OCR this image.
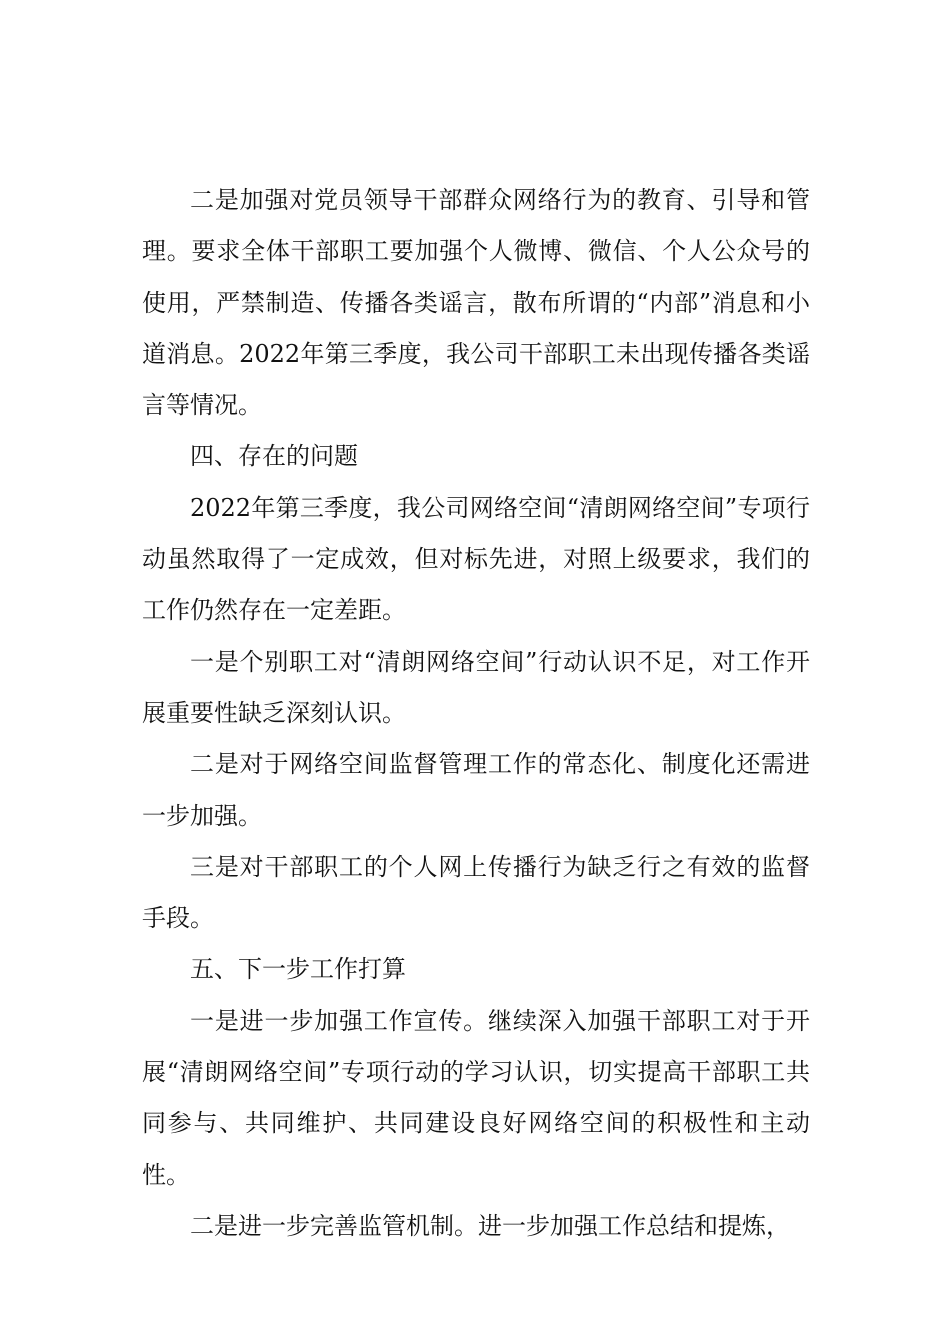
二是加强对党员领导干部群众网络行为的教育、引导和管理。要求全体干部职工要加强个人微博、微信、个人公众号的使用，严禁制造、传播各类谣言，散布所谓的“内部”消息和小道消息。2022年第三季度，我公司干部职工未出现传播各类谣言等情况。

四、存在的问题

2022年第三季度，我公司网络空间“清朗网络空间”专项行动虽然取得了一定成效，但对标先进，对照上级要求，我们的工作仍然存在一定差距。

一是个别职工对“清朗网络空间”行动认识不足，对工作开展重要性缺乏深刻认识。

二是对于网络空间监督管理工作的常态化、制度化还需进一步加强。

三是对干部职工的个人网上传播行为缺乏行之有效的监督手段。

五、下一步工作打算

一是进一步加强工作宣传。继续深入加强干部职工对于开展“清朗网络空间”专项行动的学习认识，切实提高干部职工共同参与、共同维护、共同建设良好网络空间的积极性和主动性。

二是进一步完善监管机制。进一步加强工作总结和提炼，
